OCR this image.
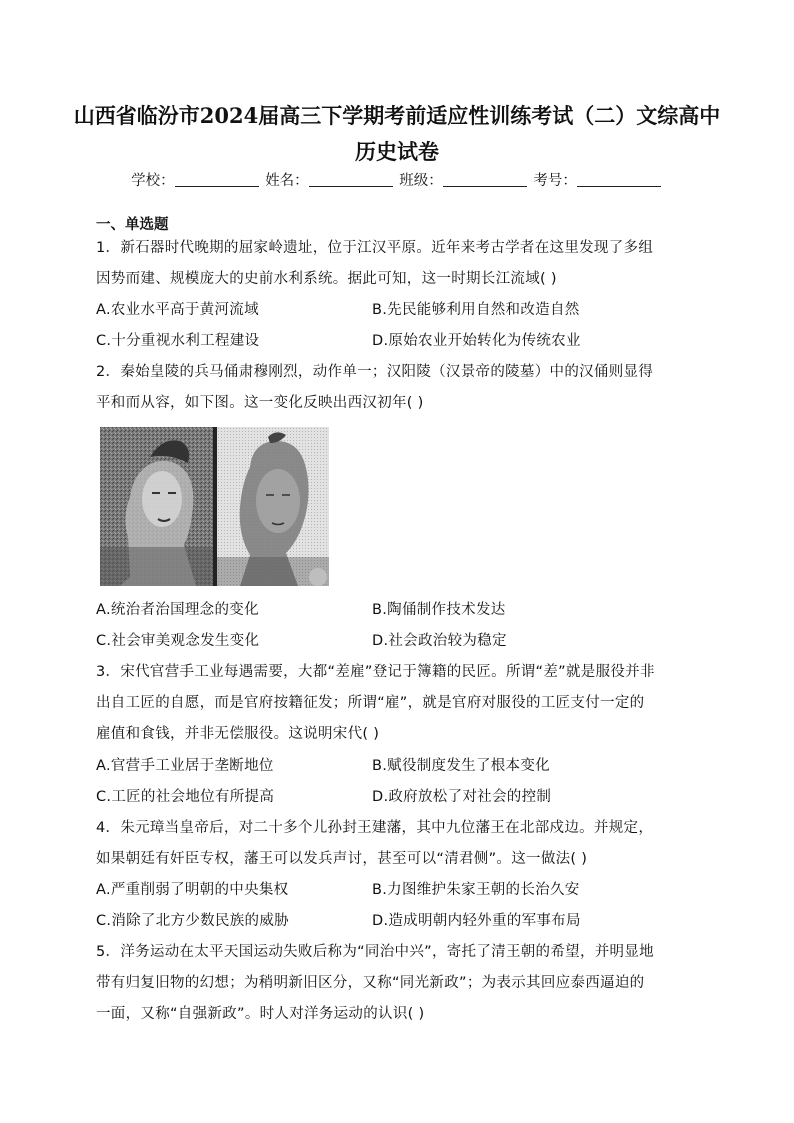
山西省临汾市2024届高三下学期考前适应性训练考试（二）文综高中
历史试卷
学校：	姓名：	班级：	考号：
一、单选题
1．新石器时代晚期的屈家岭遗址，位于江汉平原。近年来考古学者在这里发现了多组
因势而建、规模庞大的史前水利系统。据此可知，这一时期长江流域( )
A.农业水平高于黄河流域	B.先民能够利用自然和改造自然
C.十分重视水利工程建设	D.原始农业开始转化为传统农业
2．秦始皇陵的兵马俑肃穆刚烈，动作单一；汉阳陵（汉景帝的陵墓）中的汉俑则显得
平和而从容，如下图。这一变化反映出西汉初年( )
A.统治者治国理念的变化	B.陶俑制作技术发达
C.社会审美观念发生变化	D.社会政治较为稳定
3．宋代官营手工业每遇需要，大都“差雇”登记于簿籍的民匠。所谓“差”就是服役并非
出自工匠的自愿，而是官府按籍征发；所谓“雇”，就是官府对服役的工匠支付一定的
雇值和食钱，并非无偿服役。这说明宋代( )
A.官营手工业居于垄断地位	B.赋役制度发生了根本变化
C.工匠的社会地位有所提高	D.政府放松了对社会的控制
4．朱元璋当皇帝后，对二十多个儿孙封王建藩，其中九位藩王在北部戍边。并规定，
如果朝廷有奸臣专权，藩王可以发兵声讨，甚至可以“清君侧”。这一做法( )
A.严重削弱了明朝的中央集权	B.力图维护朱家王朝的长治久安
C.消除了北方少数民族的威胁	D.造成明朝内轻外重的军事布局
5．洋务运动在太平天国运动失败后称为“同治中兴”，寄托了清王朝的希望，并明显地
带有归复旧物的幻想；为稍明新旧区分，又称“同光新政”；为表示其回应泰西逼迫的
一面，又称“自强新政”。时人对洋务运动的认识( )
